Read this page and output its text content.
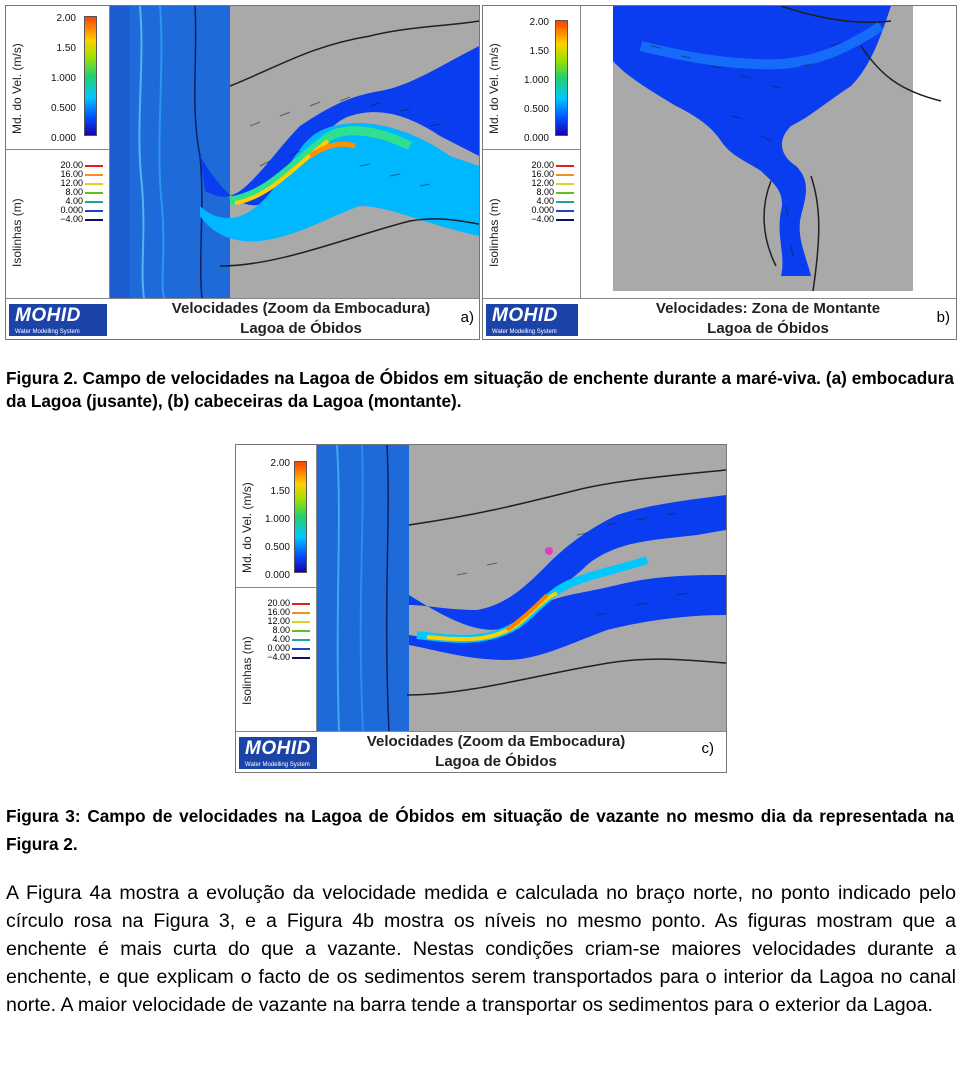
Md. do Vel. (m/s)
2.00
1.50
1.000
0.500
0.000
Isolinhas (m)
20.00
16.00
12.00
8.00
4.00
0.000
−4.00
MOHID
Water Modelling System
Velocidades (Zoom da Embocadura)
Lagoa de Óbidos
a)
Md. do Vel. (m/s)
2.00
1.50
1.000
0.500
0.000
Isolinhas (m)
20.00
16.00
12.00
8.00
4.00
0.000
−4.00
MOHID
Water Modelling System
Velocidades: Zona de Montante
Lagoa de Óbidos
b)
Figura 2. Campo de velocidades na Lagoa de Óbidos em situação de enchente durante a maré-viva. (a) embocadura da Lagoa (jusante), (b) cabeceiras da Lagoa (montante).
Md. do Vel. (m/s)
2.00
1.50
1.000
0.500
0.000
Isolinhas (m)
20.00
16.00
12.00
8.00
4.00
0.000
−4.00
MOHID
Water Modelling System
Velocidades (Zoom da Embocadura)
Lagoa de Óbidos
c)
Figura 3: Campo de velocidades na Lagoa de Óbidos em situação de vazante no mesmo dia da representada na Figura 2.
A Figura 4a mostra a evolução da velocidade medida e calculada no braço norte, no ponto indicado pelo círculo rosa na Figura 3, e a Figura 4b mostra os níveis no mesmo ponto. As figuras mostram que a enchente é mais curta do que a vazante. Nestas condições criam-se maiores velocidades durante a enchente, e que explicam o facto de os sedimentos serem transportados para o interior da Lagoa no canal norte. A maior velocidade de vazante na barra tende a transportar os sedimentos para o exterior da Lagoa.
